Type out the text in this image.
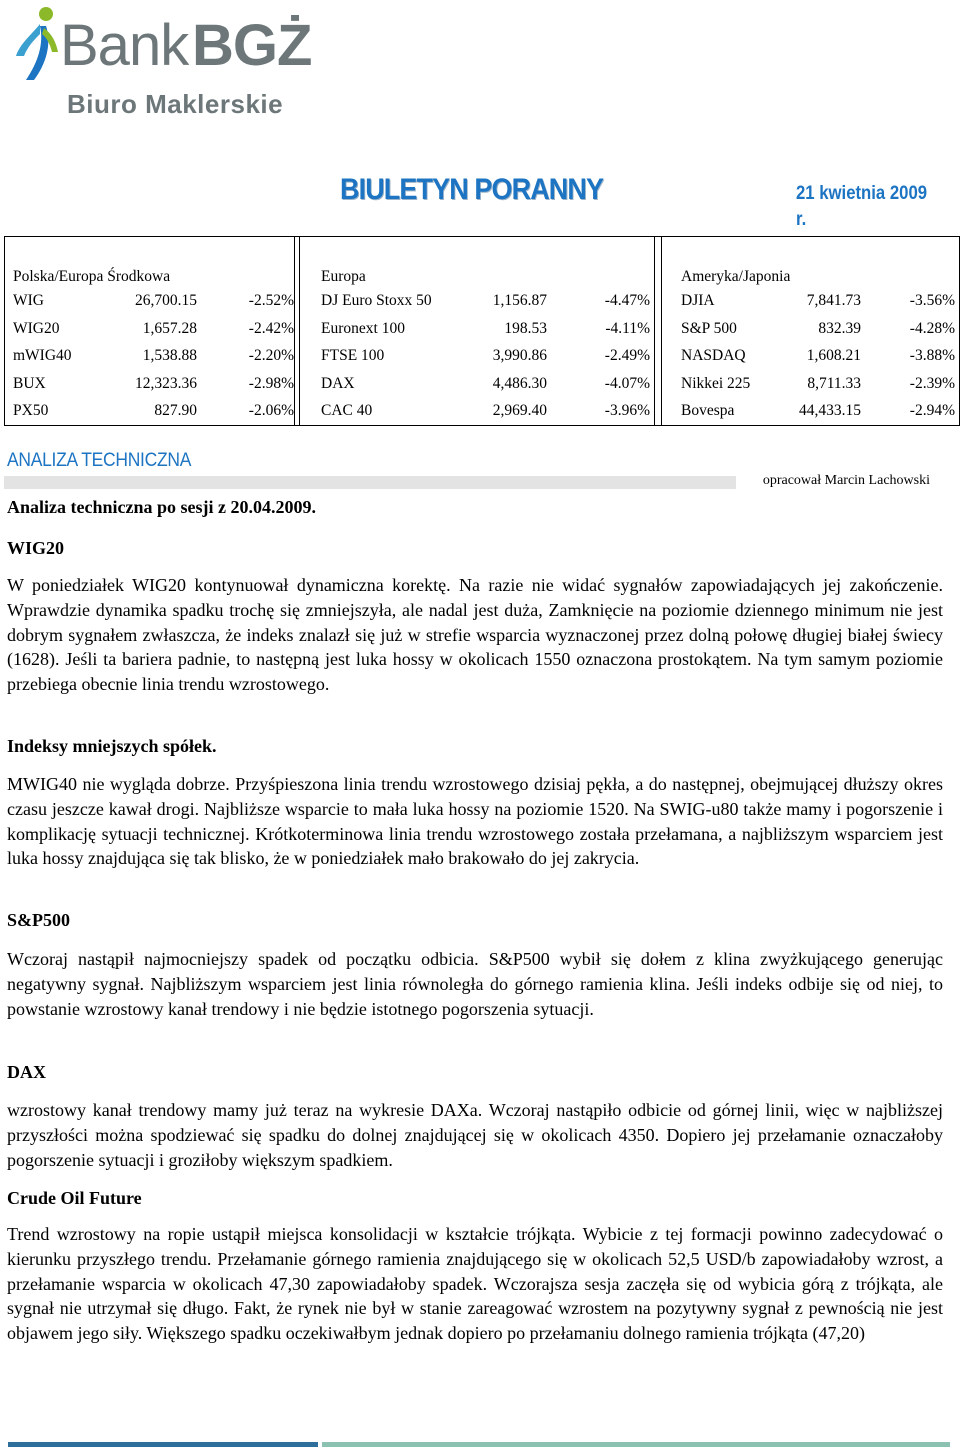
Bank BGŻ
Biuro Maklerskie
BIULETYN PORANNY	21 kwietnia 2009 r.
Polska/Europa Środkowa
WIG	26,700.15	-2.52%
WIG20	1,657.28	-2.42%
mWIG40	1,538.88	-2.20%
BUX	12,323.36	-2.98%
PX50	827.90	-2.06%
Europa
DJ Euro Stoxx 50	1,156.87	-4.47%
Euronext 100	198.53	-4.11%
FTSE 100	3,990.86	-2.49%
DAX	4,486.30	-4.07%
CAC 40	2,969.40	-3.96%
Ameryka/Japonia
DJIA	7,841.73	-3.56%
S&P 500	832.39	-4.28%
NASDAQ	1,608.21	-3.88%
Nikkei 225	8,711.33	-2.39%
Bovespa	44,433.15	-2.94%
ANALIZA TECHNICZNA
opracował Marcin Lachowski
Analiza techniczna po sesji z 20.04.2009.
WIG20

W poniedziałek WIG20 kontynuował dynamiczna korektę. Na razie nie widać sygnałów zapowiadających jej zakończenie. Wprawdzie dynamika spadku trochę się zmniejszyła, ale nadal jest duża, Zamknięcie na poziomie dziennego minimum nie jest dobrym sygnałem zwłaszcza, że indeks znalazł się już w strefie wsparcia wyznaczonej przez dolną połowę długiej białej świecy (1628). Jeśli ta bariera padnie, to następną jest luka hossy w okolicach 1550 oznaczona prostokątem. Na tym samym poziomie przebiega obecnie linia trendu wzrostowego.

Indeksy mniejszych spółek.

MWIG40 nie wygląda dobrze. Przyśpieszona linia trendu wzrostowego dzisiaj pękła, a do następnej, obejmującej dłuższy okres czasu jeszcze kawał drogi. Najbliższe wsparcie to mała luka hossy na poziomie 1520. Na SWIG-u80 także mamy i pogorszenie i komplikację sytuacji technicznej. Krótkoterminowa linia trendu wzrostowego została przełamana, a najbliższym wsparciem jest luka hossy znajdująca się tak blisko, że w poniedziałek mało brakowało do jej zakrycia.

S&P500

Wczoraj nastąpił najmocniejszy spadek od początku odbicia. S&P500 wybił się dołem z klina zwyżkującego generując negatywny sygnał. Najbliższym wsparciem jest linia równoległa do górnego ramienia klina. Jeśli indeks odbije się od niej, to powstanie wzrostowy kanał trendowy i nie będzie istotnego pogorszenia sytuacji.

DAX

wzrostowy kanał trendowy mamy już teraz na wykresie DAXa. Wczoraj nastąpiło odbicie od górnej linii, więc w najbliższej przyszłości można spodziewać się spadku do dolnej znajdującej się w okolicach 4350. Dopiero jej przełamanie oznaczałoby pogorszenie sytuacji i groziłoby większym spadkiem.

Crude Oil Future

Trend wzrostowy na ropie ustąpił miejsca konsolidacji w kształcie trójkąta. Wybicie z tej formacji powinno zadecydować o kierunku przyszłego trendu. Przełamanie górnego ramienia znajdującego się w okolicach 52,5 USD/b zapowiadałoby wzrost, a przełamanie wsparcia w okolicach 47,30 zapowiadałoby spadek. Wczorajsza sesja zaczęła się od wybicia górą z trójkąta, ale sygnał nie utrzymał się długo. Fakt, że rynek nie był w stanie zareagować wzrostem na pozytywny sygnał z pewnością nie jest objawem jego siły. Większego spadku oczekiwałbym jednak dopiero po przełamaniu dolnego ramienia trójkąta (47,20)
